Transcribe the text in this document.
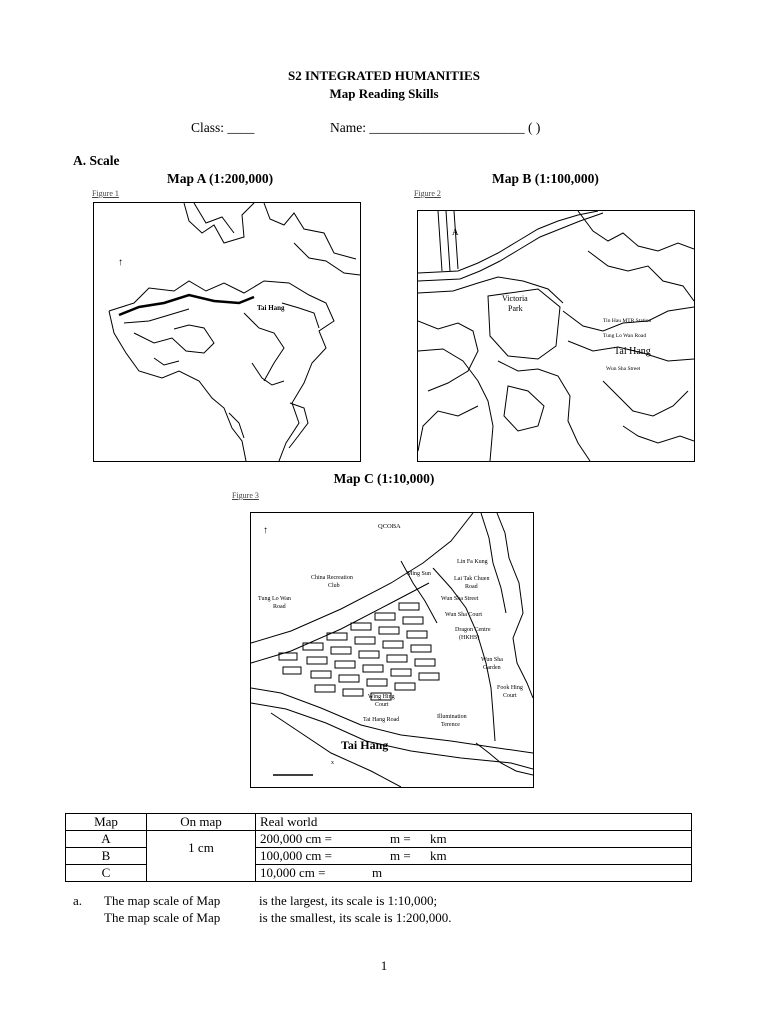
S2 INTEGRATED HUMANITIES
Map Reading Skills
Class: ____	Name: _______________________ ( )
A. Scale
Map A (1:200,000)	Map B (1:100,000)
Figure 1
↑
Tai Hang
Figure 2
A
Victoria
Park
Tin Hau MTR Station
Tung Lo Wan Road
Tai Hang
Wun Sha Street
Map C (1:10,000)
Figure 3
↑	QCOBA
Lin Fa Kung
Ming Sun
China Recreation
Club
Lai Tak Chuen
Road
Tung Lo Wan
Road
Wun Sha Street
Wun Sha Court
Dragon Centre
(HKHS)
Wun Sha
Garden
Fook Hing
Court
Wing Hing
Court
Tai Hang Road	Illumination
Terence
Tai Hang
x
Map	On map	Real world
A	1 cm	200,000 cm = m = km
B		100,000 cm = m = km
C		10,000 cm = m
a. The map scale of Map	is the largest, its scale is 1:10,000;
The map scale of Map	is the smallest, its scale is 1:200,000.
1
